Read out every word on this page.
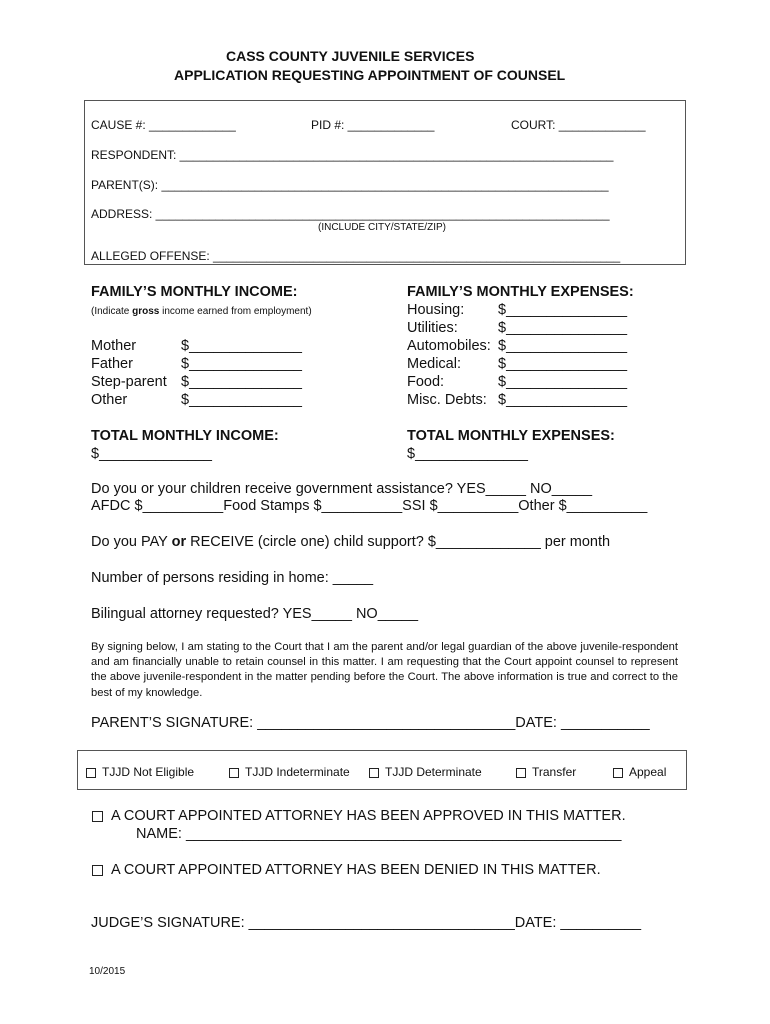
CASS COUNTY JUVENILE SERVICES
APPLICATION REQUESTING APPOINTMENT OF COUNSEL
CAUSE #: _____________	PID #: _____________	COURT: _____________
RESPONDENT: _________________________________________________________________
PARENT(S): ___________________________________________________________________
ADDRESS: ____________________________________________________________________
(INCLUDE CITY/STATE/ZIP)
ALLEGED OFFENSE: _____________________________________________________________
FAMILY’S MONTHLY INCOME:
(Indicate gross income earned from employment)
Mother	$______________
Father	$______________
Step-parent $______________
Other	$______________
TOTAL MONTHLY INCOME:
$______________
FAMILY’S MONTHLY EXPENSES:
Housing: $_______________
Utilities:	$_______________
Automobiles: $_______________
Medical:	$_______________
Food:	$_______________
Misc. Debts: $_______________
TOTAL MONTHLY EXPENSES:
$______________
Do you or your children receive government assistance? YES_____ NO_____
AFDC $__________Food Stamps $__________SSI $__________Other $__________
Do you PAY or RECEIVE (circle one) child support? $_____________ per month
Number of persons residing in home: _____
Bilingual attorney requested? YES_____ NO_____
By signing below, I am stating to the Court that I am the parent and/or legal guardian of the above juvenile-respondent and am financially unable to retain counsel in this matter. I am requesting that the Court appoint counsel to represent the above juvenile-respondent in the matter pending before the Court. The above information is true and correct to the best of my knowledge.
PARENT’S SIGNATURE: ________________________________DATE: ___________
TJJD Not Eligible	TJJD Indeterminate	TJJD Determinate	Transfer	Appeal
A COURT APPOINTED ATTORNEY HAS BEEN APPROVED IN THIS MATTER.
NAME: ______________________________________________________
A COURT APPOINTED ATTORNEY HAS BEEN DENIED IN THIS MATTER.
JUDGE’S SIGNATURE: _________________________________DATE: __________
10/2015
